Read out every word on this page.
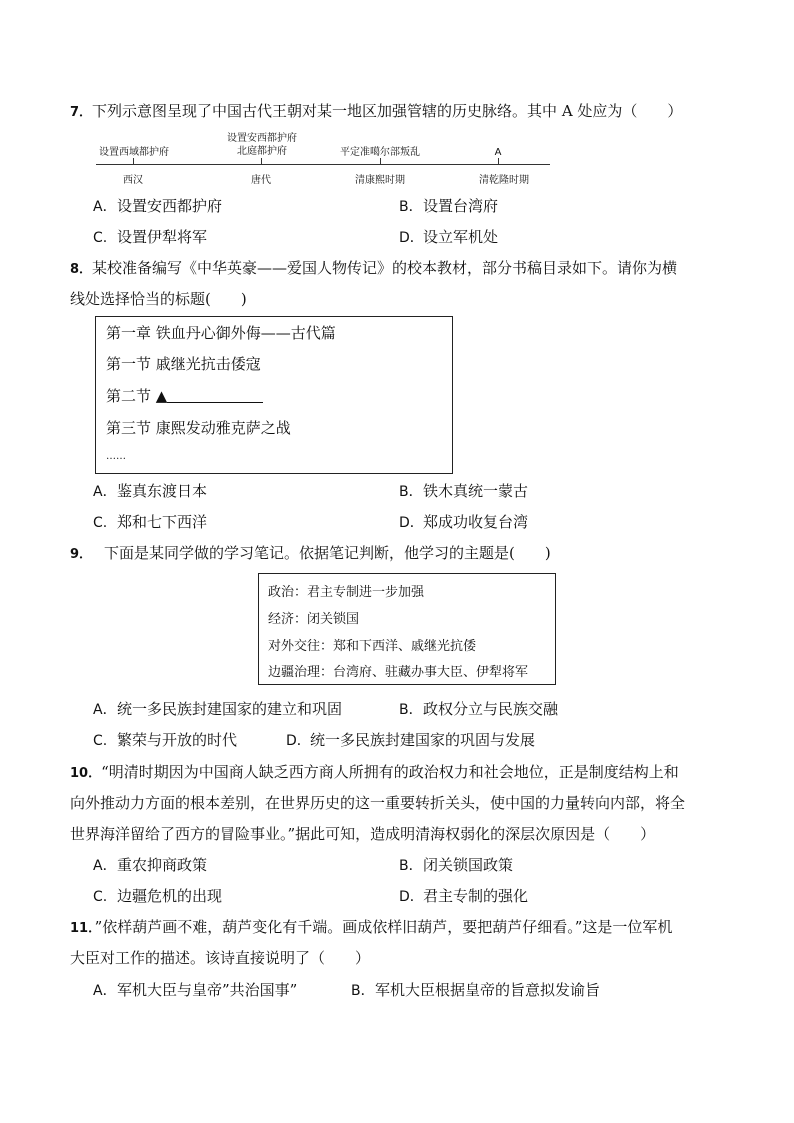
7．下列示意图呈现了中国古代王朝对某一地区加强管辖的历史脉络。其中 A 处应为（　　）
设置西域都护府
设置安西都护府
北庭都护府	平定准噶尔部叛乱	A
西汉	唐代	清康熙时期	清乾隆时期
A．设置安西都护府	B．设置台湾府
C. 设置伊犁将军	D．设立军机处
8．某校准备编写《中华英豪——爱国人物传记》的校本教材，部分书稿目录如下。请你为横
线处选择恰当的标题(　　)
第一章 铁血丹心御外侮——古代篇
第一节 戚继光抗击倭寇
第二节 ▲
第三节 康熙发动雅克萨之战
……
A．鉴真东渡日本	B．铁木真统一蒙古
C. 郑和七下西洋	D．郑成功收复台湾
9． 下面是某同学做的学习笔记。依据笔记判断，他学习的主题是(　　)
政治：君主专制进一步加强
经济：闭关锁国
对外交往：郑和下西洋、戚继光抗倭
边疆治理：台湾府、驻藏办事大臣、伊犁将军
A．统一多民族封建国家的建立和巩固	B．政权分立与民族交融
C. 繁荣与开放的时代	D．统一多民族封建国家的巩固与发展
10．“明清时期因为中国商人缺乏西方商人所拥有的政治权力和社会地位，正是制度结构上和
向外推动力方面的根本差别，在世界历史的这一重要转折关头，使中国的力量转向内部，将全
世界海洋留给了西方的冒险事业。”据此可知，造成明清海权弱化的深层次原因是（　　）
A．重农抑商政策	B．闭关锁国政策
C. 边疆危机的出现	D．君主专制的强化
11．”依样葫芦画不难，葫芦变化有千端。画成依样旧葫芦，要把葫芦仔细看。”这是一位军机
大臣对工作的描述。该诗直接说明了（　　）
A．军机大臣与皇帝”共治国事”	B．军机大臣根据皇帝的旨意拟发谕旨
